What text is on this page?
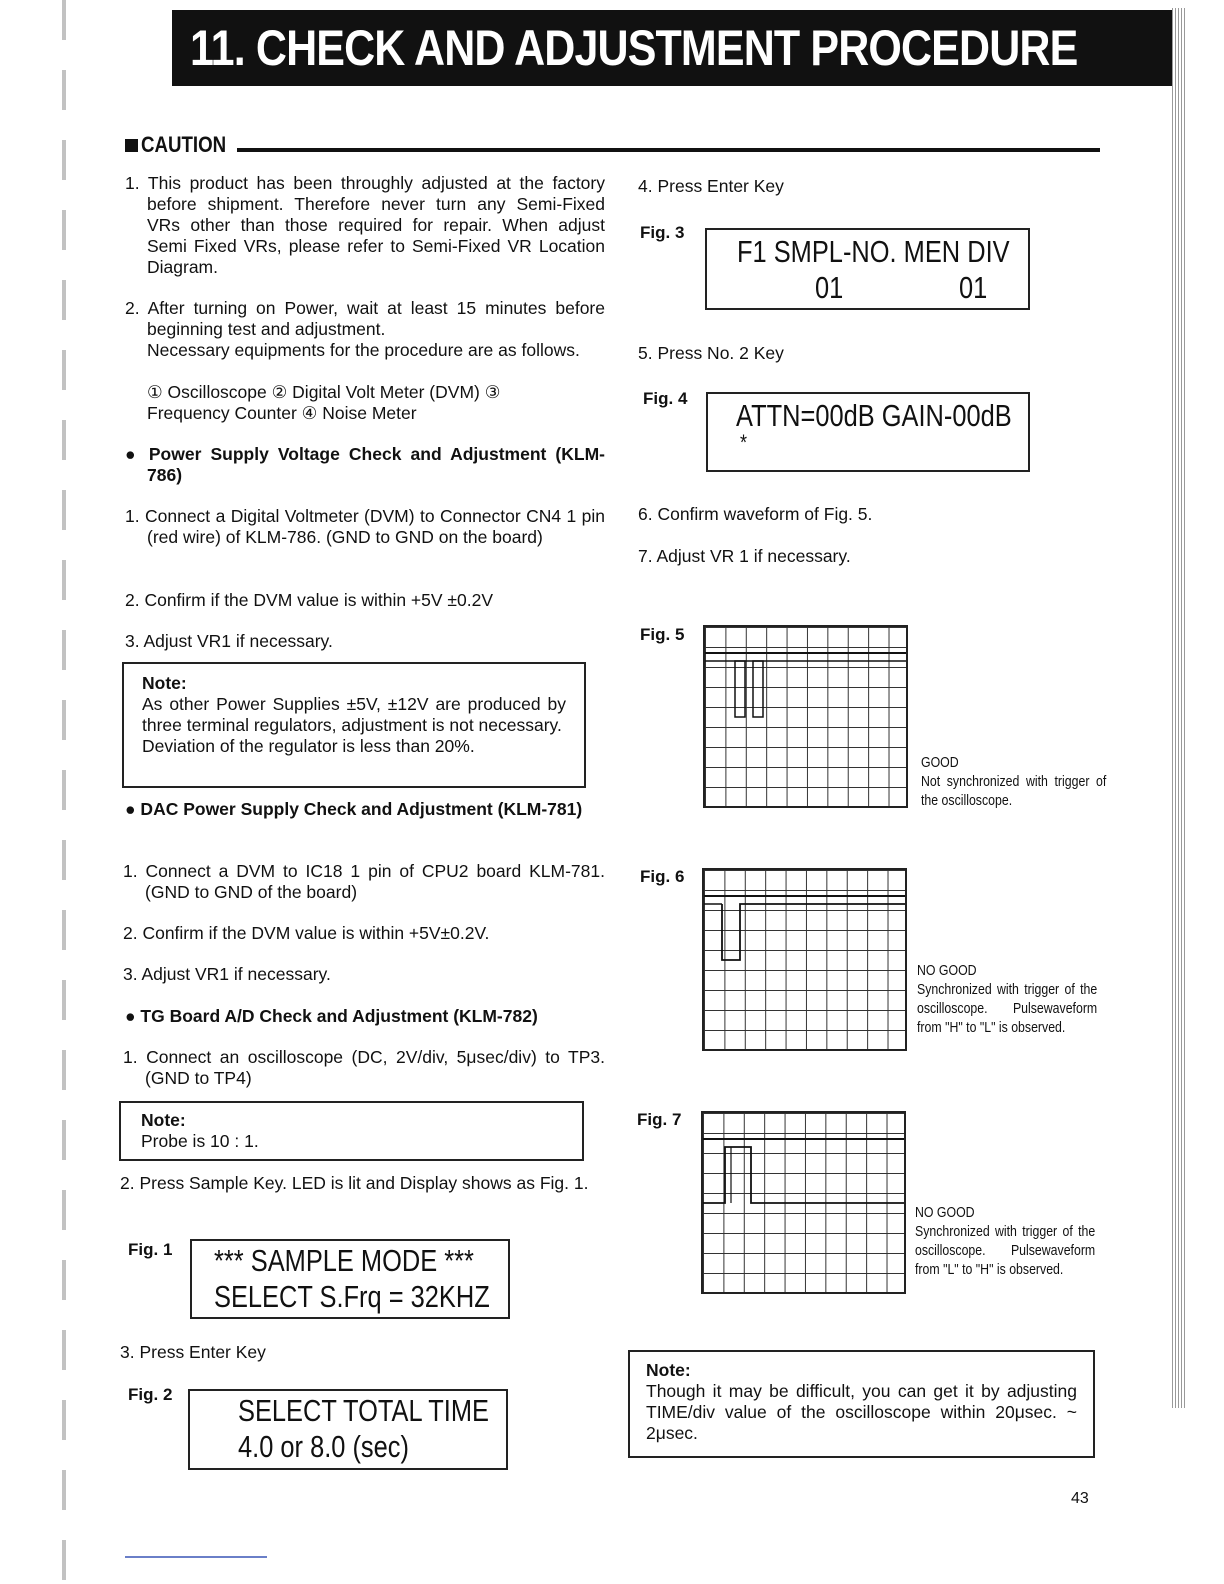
11. CHECK AND ADJUSTMENT PROCEDURE
CAUTION
1. This product has been throughly adjusted at the factory before shipment. Therefore never turn any Semi-Fixed VRs other than those required for repair. When adjust Semi Fixed VRs, please refer to Semi-Fixed VR Location Diagram.
2. After turning on Power, wait at least 15 minutes before beginning test and adjustment.
Necessary equipments for the procedure are as follows.
① Oscilloscope ② Digital Volt Meter (DVM) ③ Frequency Counter ④ Noise Meter
● Power Supply Voltage Check and Adjustment (KLM-786)
1. Connect a Digital Voltmeter (DVM) to Connector CN4 1 pin (red wire) of KLM-786. (GND to GND on the board)
2. Confirm if the DVM value is within +5V ±0.2V
3. Adjust VR1 if necessary.
Note:
As other Power Supplies ±5V, ±12V are produced by three terminal regulators, adjustment is not necessary.
Deviation of the regulator is less than 20%.
● DAC Power Supply Check and Adjustment (KLM-781)
1. Connect a DVM to IC18 1 pin of CPU2 board KLM-781. (GND to GND of the board)
2. Confirm if the DVM value is within +5V±0.2V.
3. Adjust VR1 if necessary.
● TG Board A/D Check and Adjustment (KLM-782)
1. Connect an oscilloscope (DC, 2V/div, 5μsec/div) to TP3. (GND to TP4)
Note:
Probe is 10 : 1.
2. Press Sample Key. LED is lit and Display shows as Fig. 1.
Fig. 1 *** SAMPLE MODE ***
SELECT S.Frq = 32KHZ
3. Press Enter Key
Fig. 2 SELECT TOTAL TIME
4.0 or 8.0 (sec)
4. Press Enter Key
Fig. 3
F1 SMPL-NO. MEN DIV
01	01
5. Press No. 2 Key
Fig. 4 ATTN=00dB GAIN-00dB
*
6. Confirm waveform of Fig. 5.
7. Adjust VR 1 if necessary.
Fig. 5
GOOD
Not synchronized with trigger of the oscilloscope.
Fig. 6
NO GOOD
Synchronized with trigger of the oscilloscope. Pulsewaveform from "H" to "L" is observed.
Fig. 7
NO GOOD
Synchronized with trigger of the oscilloscope. Pulsewaveform from "L" to "H" is observed.
Note:
Though it may be difficult, you can get it by adjusting TIME/div value of the oscilloscope within 20μsec. ~ 2μsec.
43
